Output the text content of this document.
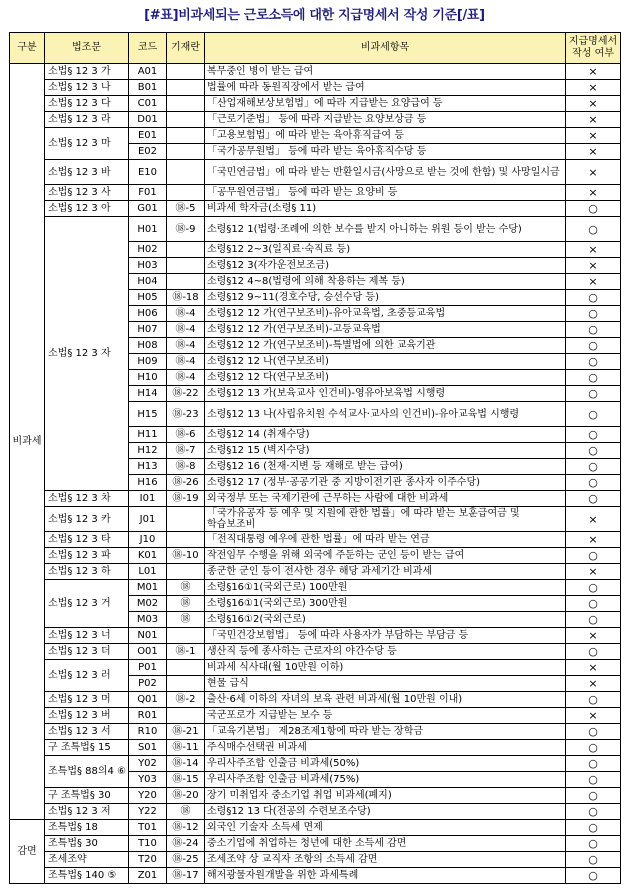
[#표]비과세되는 근로소득에 대한 지급명세서 작성 기준[/표]
구분	법조문	코드	기재란	비과세항목	지급명세서 작성 여부
비과세	소법§ 12 3 가	A01		복무중인 병이 받는 급여	×
	소법§ 12 3 나	B01		법률에 따라 동원직장에서 받는 급여	×
	소법§ 12 3 다	C01		「산업재해보상보험법」에 따라 지급받는 요양급여 등	×
	소법§ 12 3 라	D01		「근로기준법」 등에 따라 지급받는 요양보상금 등	×
	소법§ 12 3 마	E01		「고용보험법」에 따라 받는 육아휴직급여 등	×
		E02		「국가공무원법」 등에 따라 받는 육아휴직수당 등	×
	소법§ 12 3 바	E10		「국민연금법」에 따라 받는 반환일시금(사망으로 받는 것에 한함) 및 사망일시금	×
	소법§ 12 3 사	F01		「공무원연금법」 등에 따라 받는 요양비 등	×
	소법§ 12 3 아	G01	⑱-5	비과세 학자금(소령§ 11)	○
	소법§ 12 3 자	H01	⑱-9	소령§12 1(법령·조례에 의한 보수를 받지 아니하는 위원 등이 받는 수당)	○
		H02		소령§12 2~3(일직료·숙직료 등)	×
		H03		소령§12 3(자가운전보조금)	×
		H04		소령§12 4~8(법령에 의해 착용하는 제복 등)	×
		H05	⑱-18	소령§12 9~11(경호수당, 승선수당 등)	○
		H06	⑱-4	소령§12 12 가(연구보조비)-유아교육법, 초중등교육법	○
		H07	⑱-4	소령§12 12 가(연구보조비)-고등교육법	○
		H08	⑱-4	소령§12 12 가(연구보조비)-특별법에 의한 교육기관	○
		H09	⑱-4	소령§12 12 나(연구보조비)	○
		H10	⑱-4	소령§12 12 다(연구보조비)	○
		H14	⑱-22	소령§12 13 가(보육교사 인건비)-영유아보육법 시행령	○
		H15	⑱-23	소령§12 13 나(사립유치원 수석교사·교사의 인건비)-유아교육법 시행령	○
		H11	⑱-6	소령§12 14 (취재수당)	○
		H12	⑱-7	소령§12 15 (벽지수당)	○
		H13	⑱-8	소령§12 16 (천재·지변 등 재해로 받는 급여)	○
		H16	⑱-26	소령§12 17 (정부·공공기관 중 지방이전기관 종사자 이주수당)	○
	소법§ 12 3 차	I01	⑱-19	외국정부 또는 국제기관에 근무하는 사람에 대한 비과세	○
	소법§ 12 3 카	J01		「국가유공자 등 예우 및 지원에 관한 법률」에 따라 받는 보훈급여금 및 학습보조비	×
	소법§ 12 3 타	J10		「전직대통령 예우에 관한 법률」에 따라 받는 연금	×
	소법§ 12 3 파	K01	⑱-10	작전임무 수행을 위해 외국에 주둔하는 군인 등이 받는 급여	○
	소법§ 12 3 하	L01		종군한 군인 등이 전사한 경우 해당 과세기간 비과세	×
	소법§ 12 3 거	M01	⑱	소령§16①1(국외근로) 100만원	○
		M02	⑱	소령§16①1(국외근로) 300만원	○
		M03	⑱	소령§16①2(국외근로)	○
	소법§ 12 3 너	N01		「국민건강보험법」 등에 따라 사용자가 부담하는 부담금 등	×
	소법§ 12 3 더	O01	⑱-1	생산직 등에 종사하는 근로자의 야간수당 등	○
	소법§ 12 3 러	P01		비과세 식사대(월 10만원 이하)	×
		P02		현물 급식	×
	소법§ 12 3 머	Q01	⑱-2	출산·6세 이하의 자녀의 보육 관련 비과세(월 10만원 이내)	○
	소법§ 12 3 버	R01		국군포로가 지급받는 보수 등	×
	소법§ 12 3 서	R10	⑱-21	「교육기본법」 제28조제1항에 따라 받는 장학금	○
	구 조특법§ 15	S01	⑱-11	주식매수선택권 비과세	○
	조특법§ 88의4 ⑥	Y02	⑱-14	우리사주조합 인출금 비과세(50%)	○
		Y03	⑱-15	우리사주조합 인출금 비과세(75%)	○
	구 조특법§ 30	Y20	⑱-20	장기 미취업자 중소기업 취업 비과세(폐지)	○
	소법§ 12 3 저	Y22	⑱	소령§12 13 다(전공의 수련보조수당)	○
감면	조특법§ 18	T01	⑱-12	외국인 기술자 소득세 면제	○
	조특법§ 30	T10	⑱-24	중소기업에 취업하는 청년에 대한 소득세 감면	○
	조세조약	T20	⑱-25	조세조약 상 교직자 조항의 소득세 감면	○
	조특법§ 140 ⑤	Z01	⑱-17	해저광물자원개발을 위한 과세특례	○
